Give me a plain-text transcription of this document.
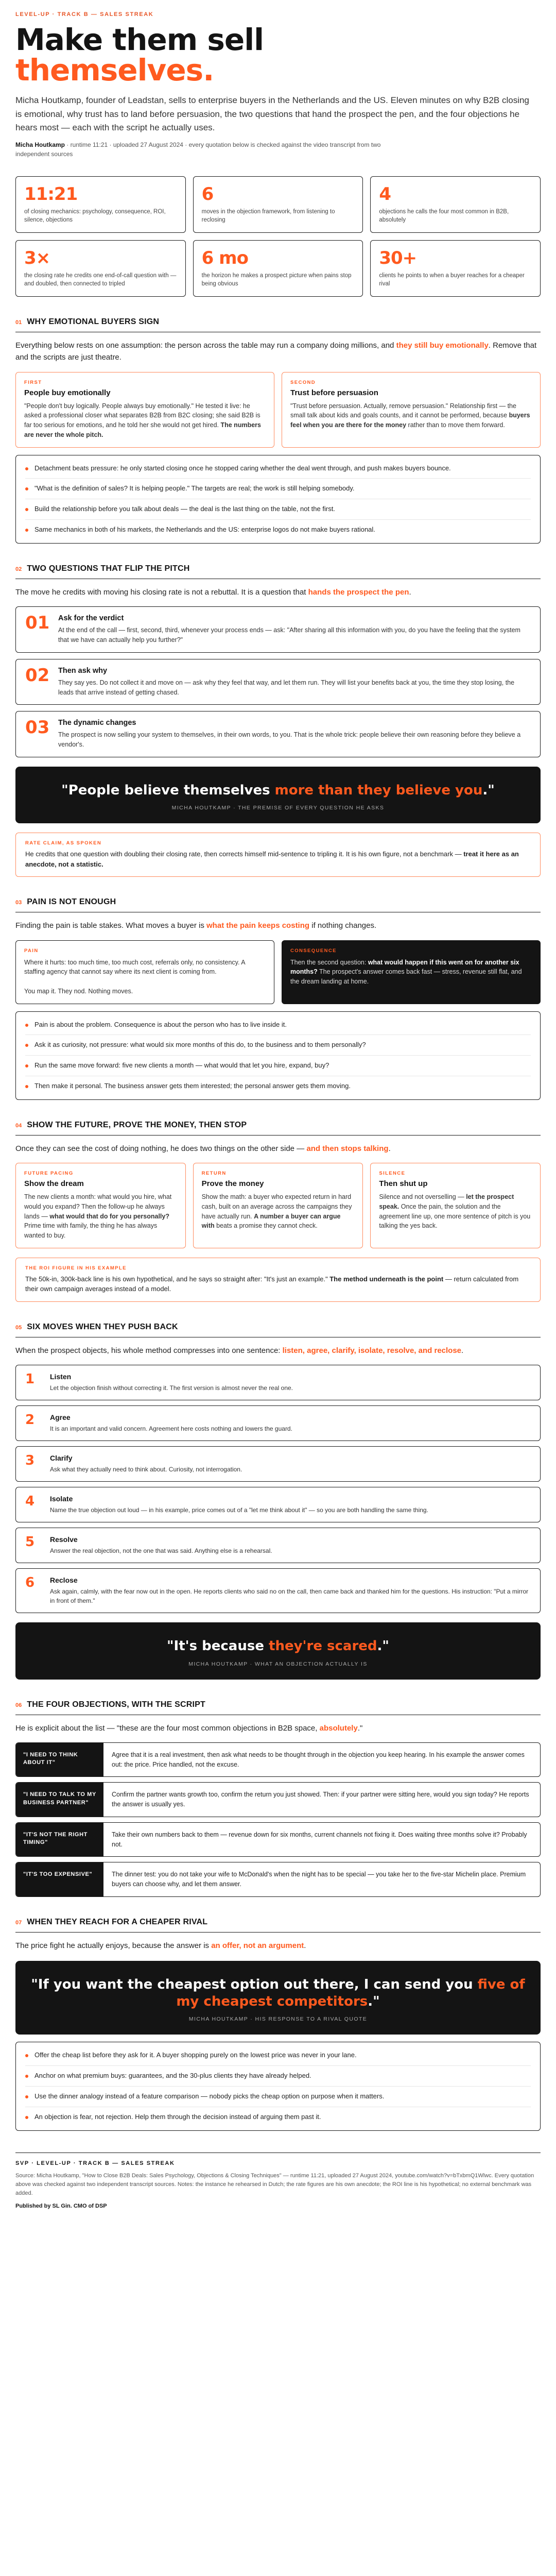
LEVEL-UP · TRACK B — SALES STREAK
Make them sell
themselves.

Micha Houtkamp, founder of Leadstan, sells to enterprise buyers in the Netherlands and the US. Eleven minutes on why B2B closing is emotional, why trust has to land before persuasion, the two questions that hand the prospect the pen, and the four objections he hears most — each with the script he actually uses.

Micha Houtkamp · runtime 11:21 · uploaded 27 August 2024 · every quotation below is checked against the video transcript from two independent sources

11:21
of closing mechanics: psychology, consequence, ROI, silence, objections
6
moves in the objection framework, from listening to reclosing
4
objections he calls the four most common in B2B, absolutely
3×
the closing rate he credits one end-of-call question with — and doubled, then connected to tripled
6 mo
the horizon he makes a prospect picture when pains stop being obvious
30+
clients he points to when a buyer reaches for a cheaper rival
01 WHY EMOTIONAL BUYERS SIGN

Everything below rests on one assumption: the person across the table may run a company doing millions, and they still buy emotionally. Remove that and the scripts are just theatre.

FIRST
People buy emotionally
"People don't buy logically. People always buy emotionally." He tested it live: he asked a professional closer what separates B2B from B2C closing; she said B2B is far too serious for emotions, and he told her she would not get hired. The numbers are never the whole pitch.
SECOND
Trust before persuasion
"Trust before persuasion. Actually, remove persuasion." Relationship first — the small talk about kids and goals counts, and it cannot be performed, because buyers feel when you are there for the money rather than to move them forward.
Detachment beats pressure: he only started closing once he stopped caring whether the deal went through, and push makes buyers bounce.
"What is the definition of sales? It is helping people." The targets are real; the work is still helping somebody.
Build the relationship before you talk about deals — the deal is the last thing on the table, not the first.
Same mechanics in both of his markets, the Netherlands and the US: enterprise logos do not make buyers rational.
02 TWO QUESTIONS THAT FLIP THE PITCH

The move he credits with moving his closing rate is not a rebuttal. It is a question that hands the prospect the pen.

01 Ask for the verdict
At the end of the call — first, second, third, whenever your process ends — ask: "After sharing all this information with you, do you have the feeling that the system that we have can actually help you further?"
02 Then ask why
They say yes. Do not collect it and move on — ask why they feel that way, and let them run. They will list your benefits back at you, the time they stop losing, the leads that arrive instead of getting chased.
03 The dynamic changes
The prospect is now selling your system to themselves, in their own words, to you. That is the whole trick: people believe their own reasoning before they believe a vendor's.
"People believe themselves more than they believe you."
MICHA HOUTKAMP · THE PREMISE OF EVERY QUESTION HE ASKS
RATE CLAIM, AS SPOKEN
He credits that one question with doubling their closing rate, then corrects himself mid-sentence to tripling it. It is his own figure, not a benchmark — treat it here as an anecdote, not a statistic.
03 PAIN IS NOT ENOUGH

Finding the pain is table stakes. What moves a buyer is what the pain keeps costing if nothing changes.

PAIN
Where it hurts: too much time, too much cost, referrals only, no consistency. A staffing agency that cannot say where its next client is coming from.

You map it. They nod. Nothing moves.
CONSEQUENCE
Then the second question: what would happen if this went on for another six months? The prospect's answer comes back fast — stress, revenue still flat, and the dream landing at home.
Pain is about the problem. Consequence is about the person who has to live inside it.
Ask it as curiosity, not pressure: what would six more months of this do, to the business and to them personally?
Run the same move forward: five new clients a month — what would that let you hire, expand, buy?
Then make it personal. The business answer gets them interested; the personal answer gets them moving.
04 SHOW THE FUTURE, PROVE THE MONEY, THEN STOP

Once they can see the cost of doing nothing, he does two things on the other side — and then stops talking.

FUTURE PACING
Show the dream
The new clients a month: what would you hire, what would you expand? Then the follow-up he always lands — what would that do for you personally? Prime time with family, the thing he has always wanted to buy.
RETURN
Prove the money
Show the math: a buyer who expected return in hard cash, built on an average across the campaigns they have actually run. A number a buyer can argue with beats a promise they cannot check.
SILENCE
Then shut up
Silence and not overselling — let the prospect speak. Once the pain, the solution and the agreement line up, one more sentence of pitch is you talking the yes back.
THE ROI FIGURE IN HIS EXAMPLE
The 50k-in, 300k-back line is his own hypothetical, and he says so straight after: "It's just an example." The method underneath is the point — return calculated from their own campaign averages instead of a model.
05 SIX MOVES WHEN THEY PUSH BACK

When the prospect objects, his whole method compresses into one sentence: listen, agree, clarify, isolate, resolve, and reclose.

1	Listen
Let the objection finish without correcting it. The first version is almost never the real one.
2	Agree
It is an important and valid concern. Agreement here costs nothing and lowers the guard.
3	Clarify
Ask what they actually need to think about. Curiosity, not interrogation.
4	Isolate
Name the true objection out loud — in his example, price comes out of a "let me think about it" — so you are both handling the same thing.
5	Resolve
Answer the real objection, not the one that was said. Anything else is a rehearsal.
6	Reclose
Ask again, calmly, with the fear now out in the open. He reports clients who said no on the call, then came back and thanked him for the questions. His instruction: "Put a mirror in front of them."
"It's because they're scared."
MICHA HOUTKAMP · WHAT AN OBJECTION ACTUALLY IS
06 THE FOUR OBJECTIONS, WITH THE SCRIPT

He is explicit about the list — "these are the four most common objections in B2B space, absolutely."

"I NEED TO THINK ABOUT IT"
Agree that it is a real investment, then ask what needs to be thought through in the objection you keep hearing. In his example the answer comes out: the price. Price handled, not the excuse.
"I NEED TO TALK TO MY BUSINESS PARTNER"
Confirm the partner wants growth too, confirm the return you just showed. Then: if your partner were sitting here, would you sign today? He reports the answer is usually yes.
"IT'S NOT THE RIGHT TIMING"
Take their own numbers back to them — revenue down for six months, current channels not fixing it. Does waiting three months solve it? Probably not.
"IT'S TOO EXPENSIVE"	The dinner test: you do not take your wife to McDonald's when the night has to be special — you take her to the five-star Michelin place. Premium buyers can choose why, and let them answer.
07 WHEN THEY REACH FOR A CHEAPER RIVAL

The price fight he actually enjoys, because the answer is an offer, not an argument.

"If you want the cheapest option out there, I can send you five of my cheapest competitors."
MICHA HOUTKAMP · HIS RESPONSE TO A RIVAL QUOTE
Offer the cheap list before they ask for it. A buyer shopping purely on the lowest price was never in your lane.
Anchor on what premium buys: guarantees, and the 30-plus clients they have already helped.
Use the dinner analogy instead of a feature comparison — nobody picks the cheap option on purpose when it matters.
An objection is fear, not rejection. Help them through the decision instead of arguing them past it.
SVP · LEVEL-UP · TRACK B — SALES STREAK

Source: Micha Houtkamp, "How to Close B2B Deals: Sales Psychology, Objections & Closing Techniques" — runtime 11:21, uploaded 27 August 2024, youtube.com/watch?v=bTxbmQ1Wlwc. Every quotation above was checked against two independent transcript sources. Notes: the instance he rehearsed in Dutch; the rate figures are his own anecdote; the ROI line is his hypothetical; no external benchmark was added.

Published by SL Gin. CMO of DSP
